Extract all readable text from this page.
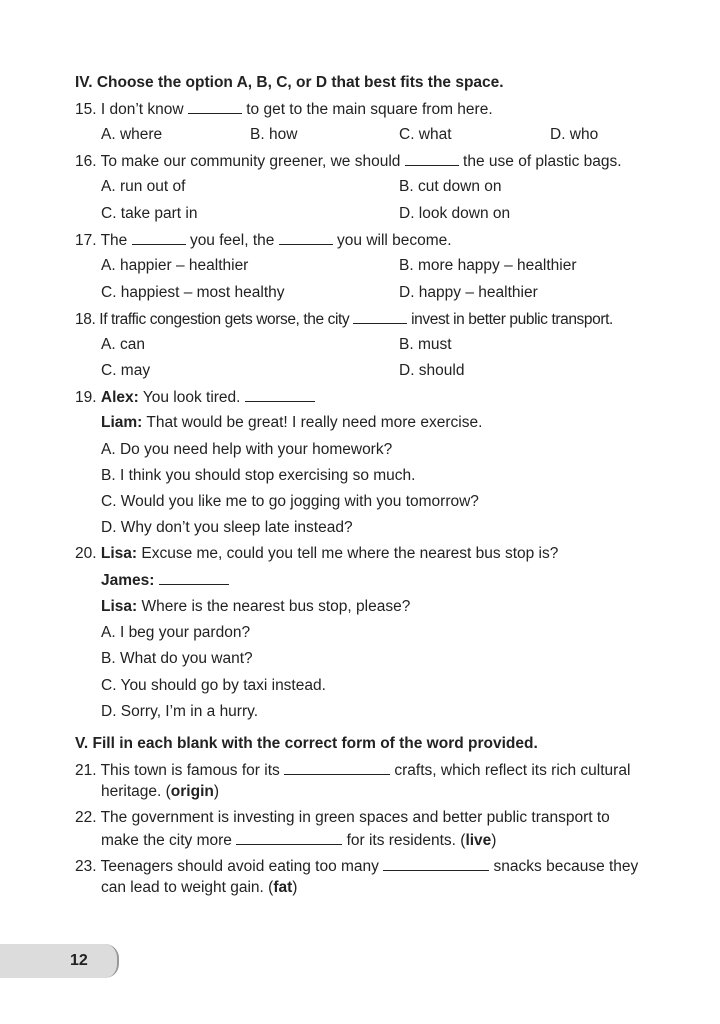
IV. Choose the option A, B, C, or D that best fits the space.
15. I don’t know	to get to the main square from here.
A. where	B. how	C. what	D. who
16. To make our community greener, we should	the use of plastic bags.
A. run out of	B. cut down on
C. take part in	D. look down on
17. The	you feel, the	you will become.
A. happier – healthier	B. more happy – healthier
C. happiest – most healthy	D. happy – healthier
18. If traffic congestion gets worse, the city	invest in better public transport.
A. can	B. must
C. may	D. should
19. Alex: You look tired.
Liam: That would be great! I really need more exercise.
A. Do you need help with your homework?
B. I think you should stop exercising so much.
C. Would you like me to go jogging with you tomorrow?
D. Why don’t you sleep late instead?
20. Lisa: Excuse me, could you tell me where the nearest bus stop is?
James:
Lisa: Where is the nearest bus stop, please?
A. I beg your pardon?
B. What do you want?
C. You should go by taxi instead.
D. Sorry, I’m in a hurry.
V. Fill in each blank with the correct form of the word provided.
21. This town is famous for its	crafts, which reflect its rich cultural
heritage. (origin)
22. The government is investing in green spaces and better public transport to
make the city more	for its residents. (live)
23. Teenagers should avoid eating too many	snacks because they
can lead to weight gain. (fat)
12
